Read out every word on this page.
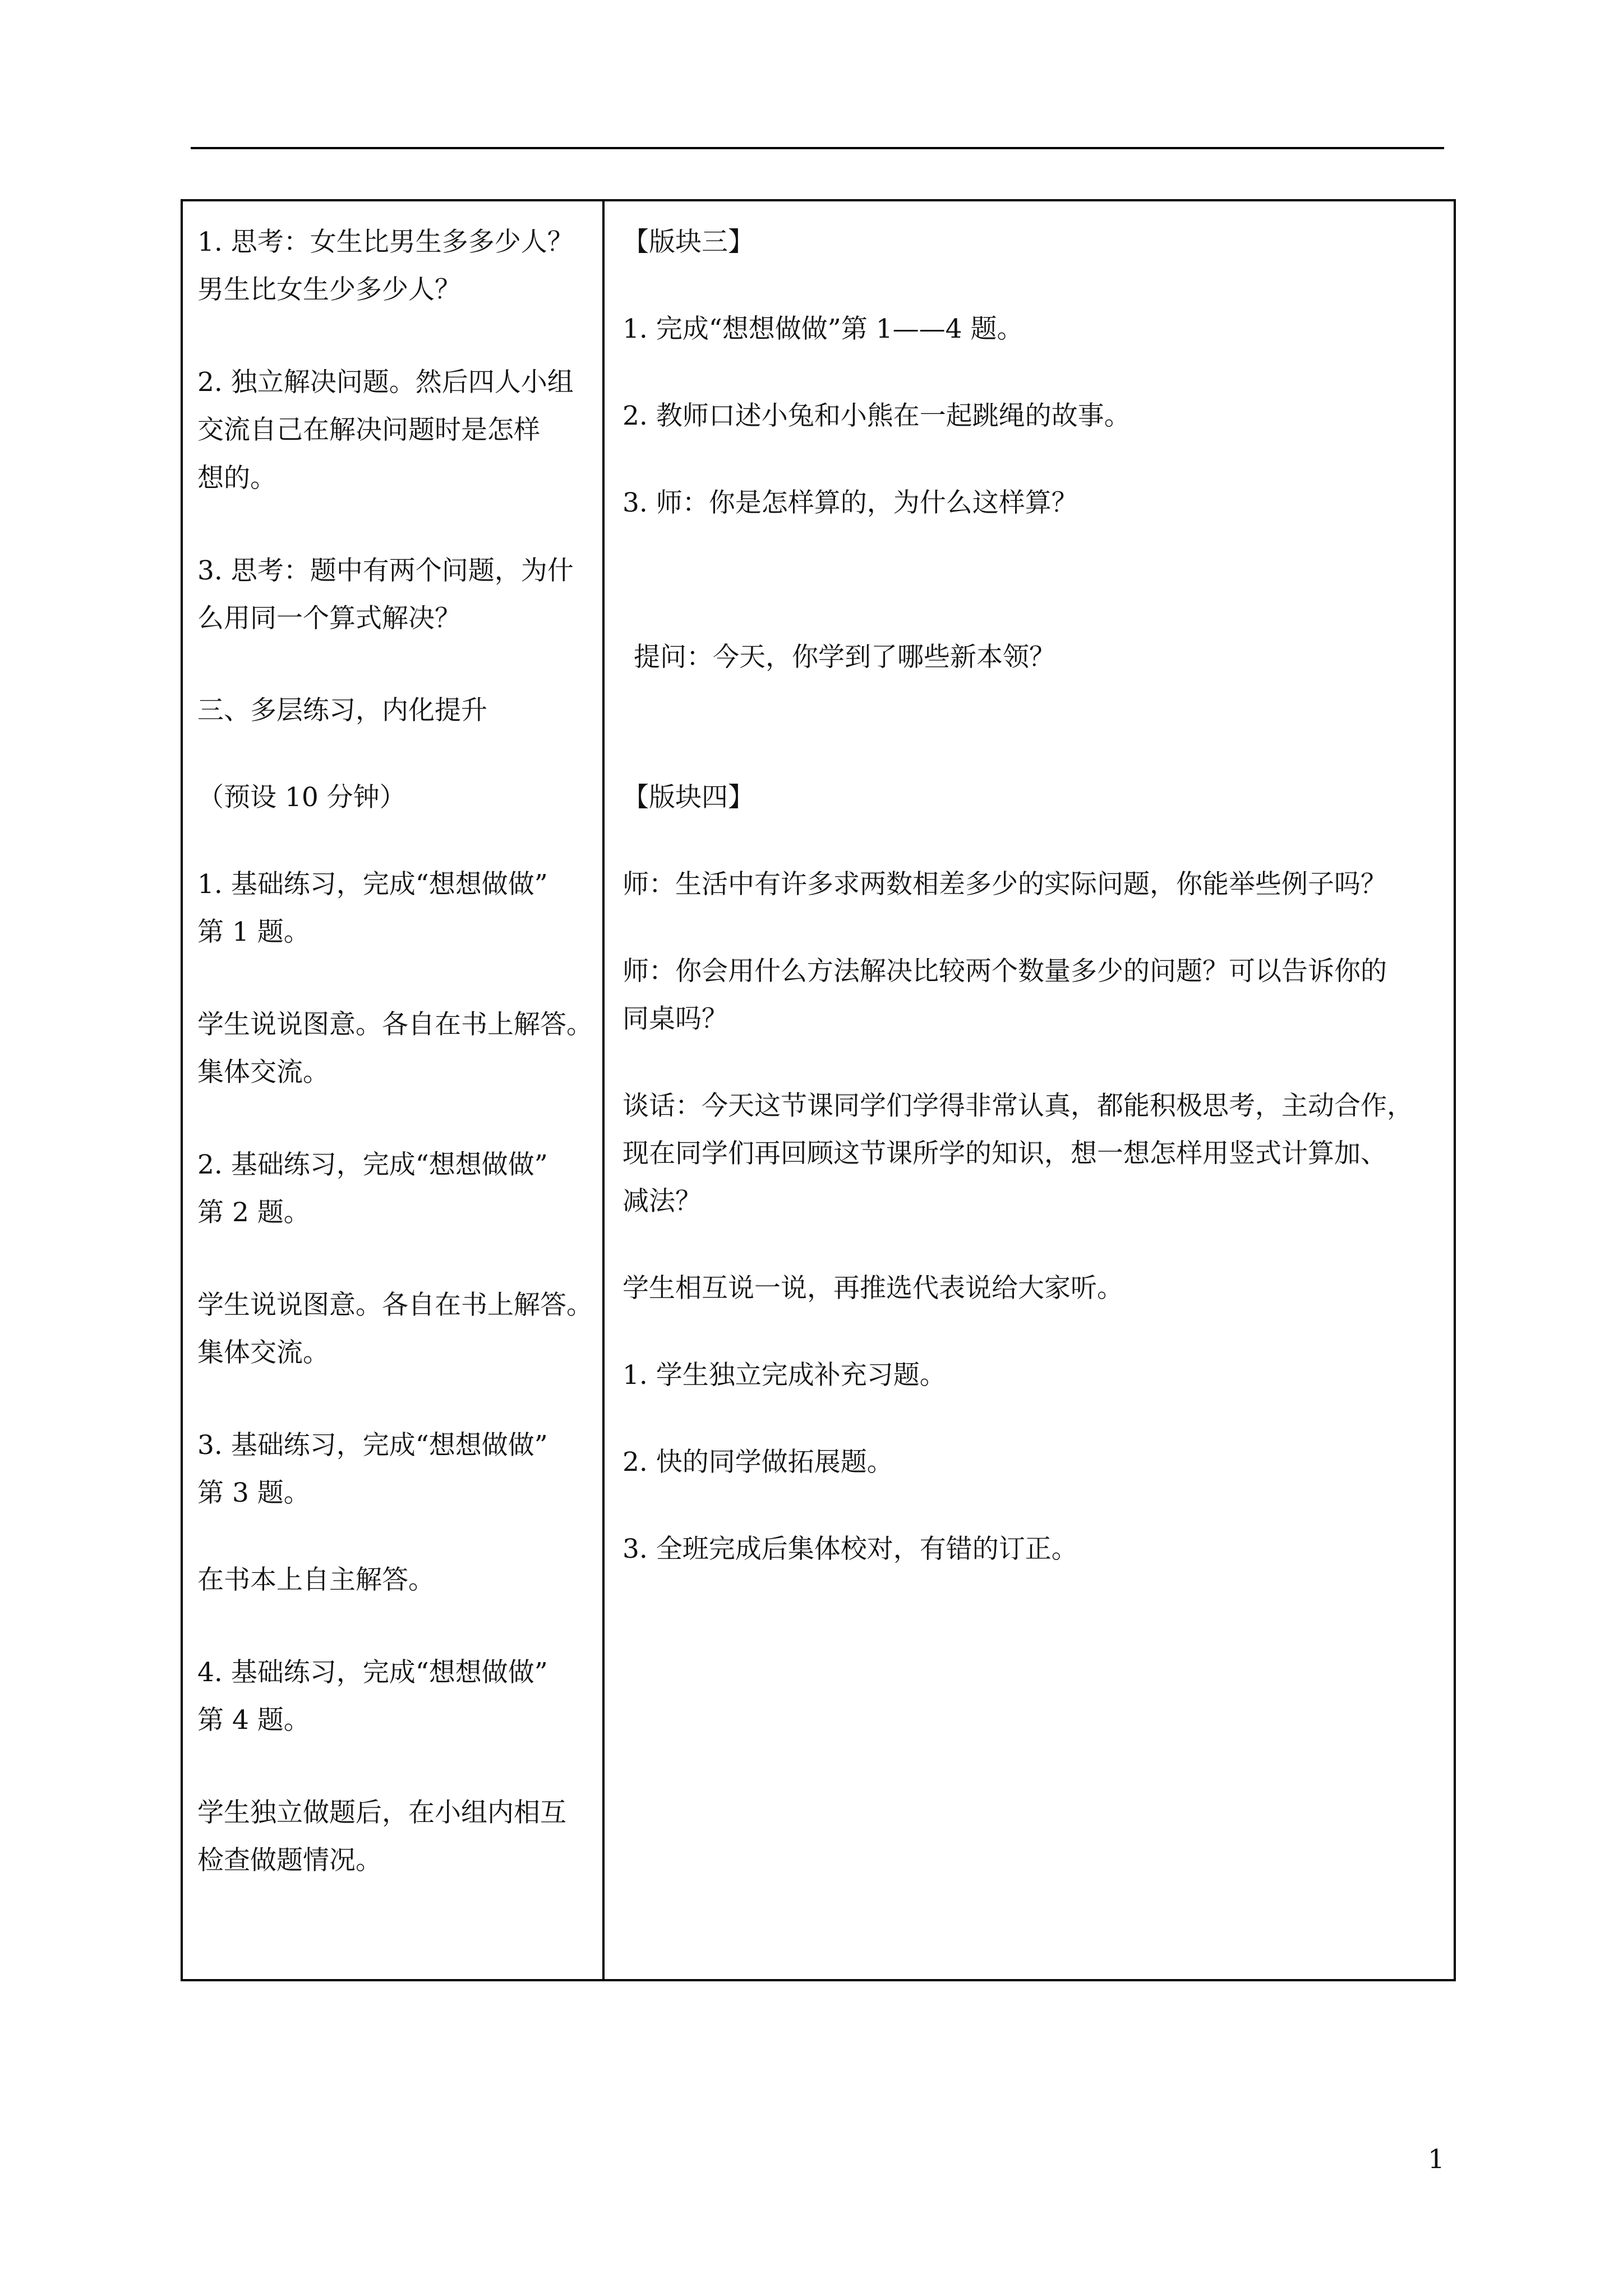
1. 思考：女生比男生多多少人？

男生比女生少多少人？

2. 独立解决问题。然后四人小组

交流自己在解决问题时是怎样

想的。

3. 思考：题中有两个问题，为什

么用同一个算式解决？

三、多层练习，内化提升

（预设 10 分钟）

1. 基础练习，完成“想想做做”

第 1 题。

学生说说图意。各自在书上解答。

集体交流。

2. 基础练习，完成“想想做做”

第 2 题。

学生说说图意。各自在书上解答。

集体交流。

3. 基础练习，完成“想想做做”

第 3 题。

在书本上自主解答。

4. 基础练习，完成“想想做做”

第 4 题。

学生独立做题后，在小组内相互

检查做题情况。

【版块三】

1. 完成“想想做做”第 1——4 题。

2. 教师口述小兔和小熊在一起跳绳的故事。

3. 师：你是怎样算的，为什么这样算？

提问：今天，你学到了哪些新本领？

【版块四】

师：生活中有许多求两数相差多少的实际问题，你能举些例子吗？

师：你会用什么方法解决比较两个数量多少的问题？可以告诉你的

同桌吗？

谈话：今天这节课同学们学得非常认真，都能积极思考，主动合作，

现在同学们再回顾这节课所学的知识，想一想怎样用竖式计算加、

减法？

学生相互说一说，再推选代表说给大家听。

1. 学生独立完成补充习题。

2. 快的同学做拓展题。

3. 全班完成后集体校对，有错的订正。

1
